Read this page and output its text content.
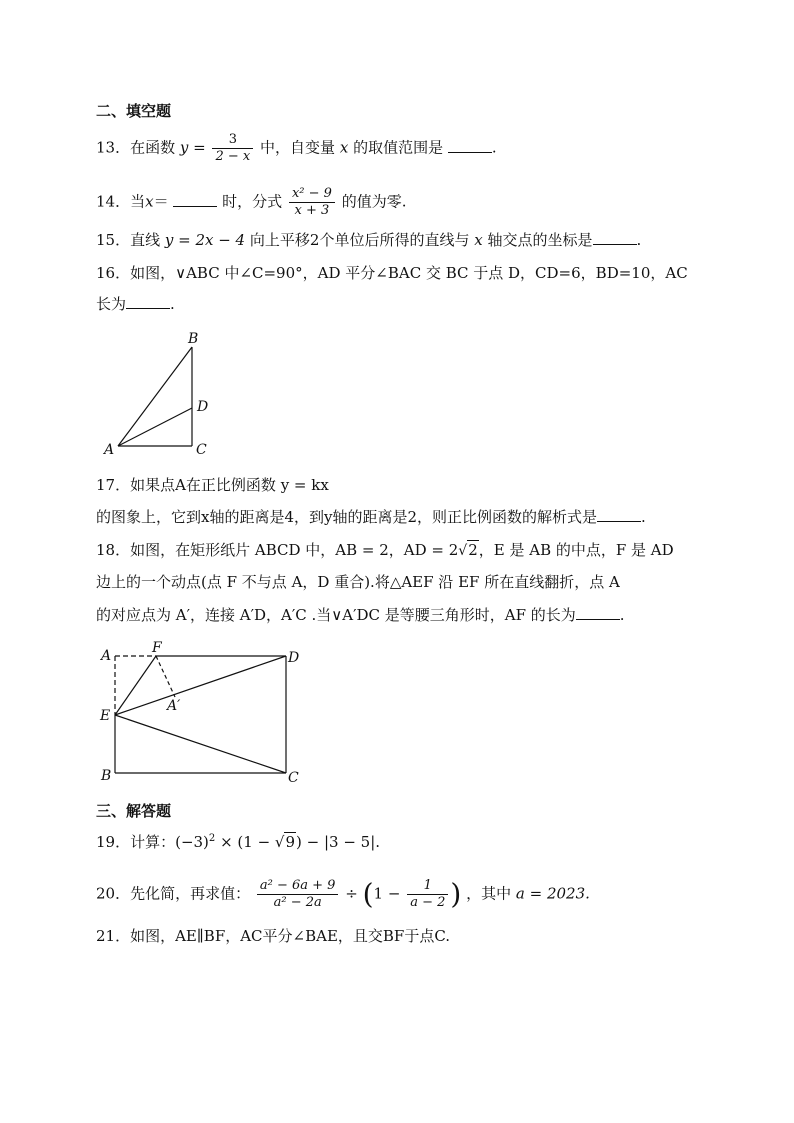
二、填空题
13．在函数 $y = \frac{3}{2 - x}$ 中，自变量 x 的取值范围是	.
14．当x＝	时，分式 $\frac{\text{x² − 9}}{x + 3}$ 的值为零.
15．直线 y = 2x − 4 向上平移2个单位后所得的直线与 x 轴交点的坐标是	.
16．如图，∨ABC 中∠C=90°，AD 平分∠BAC 交 BC 于点 D，CD=6，BD=10，AC
长为	.
B
D
A	C
17．如果点A在正比例函数 y = kx
的图象上，它到x轴的距离是4，到y轴的距离是2，则正比例函数的解析式是	.
18．如图，在矩形纸片 ABCD 中，AB = 2，AD = 2√2，E 是 AB 的中点，F 是 AD
边上的一个动点(点 F 不与点 A，D 重合).将△AEF 沿 EF 所在直线翻折，点 A
的对应点为 A′，连接 A′D，A′C .当∨A′DC 是等腰三角形时，AF 的长为	.
A	F
D
A′
E
B	C
三、解答题
19．计算：$(-3)^2 \times (1 - √9) - |3 - 5|$.
20．先化简，再求值： $\frac{\text{a² − 6a + 9}}{\text{a² − 2a}} \div (1 - \frac{1}{a - 2}$ ) ，其中 a = 2023.
21．如图，AE∥BF，AC平分∠BAE，且交BF于点C.
